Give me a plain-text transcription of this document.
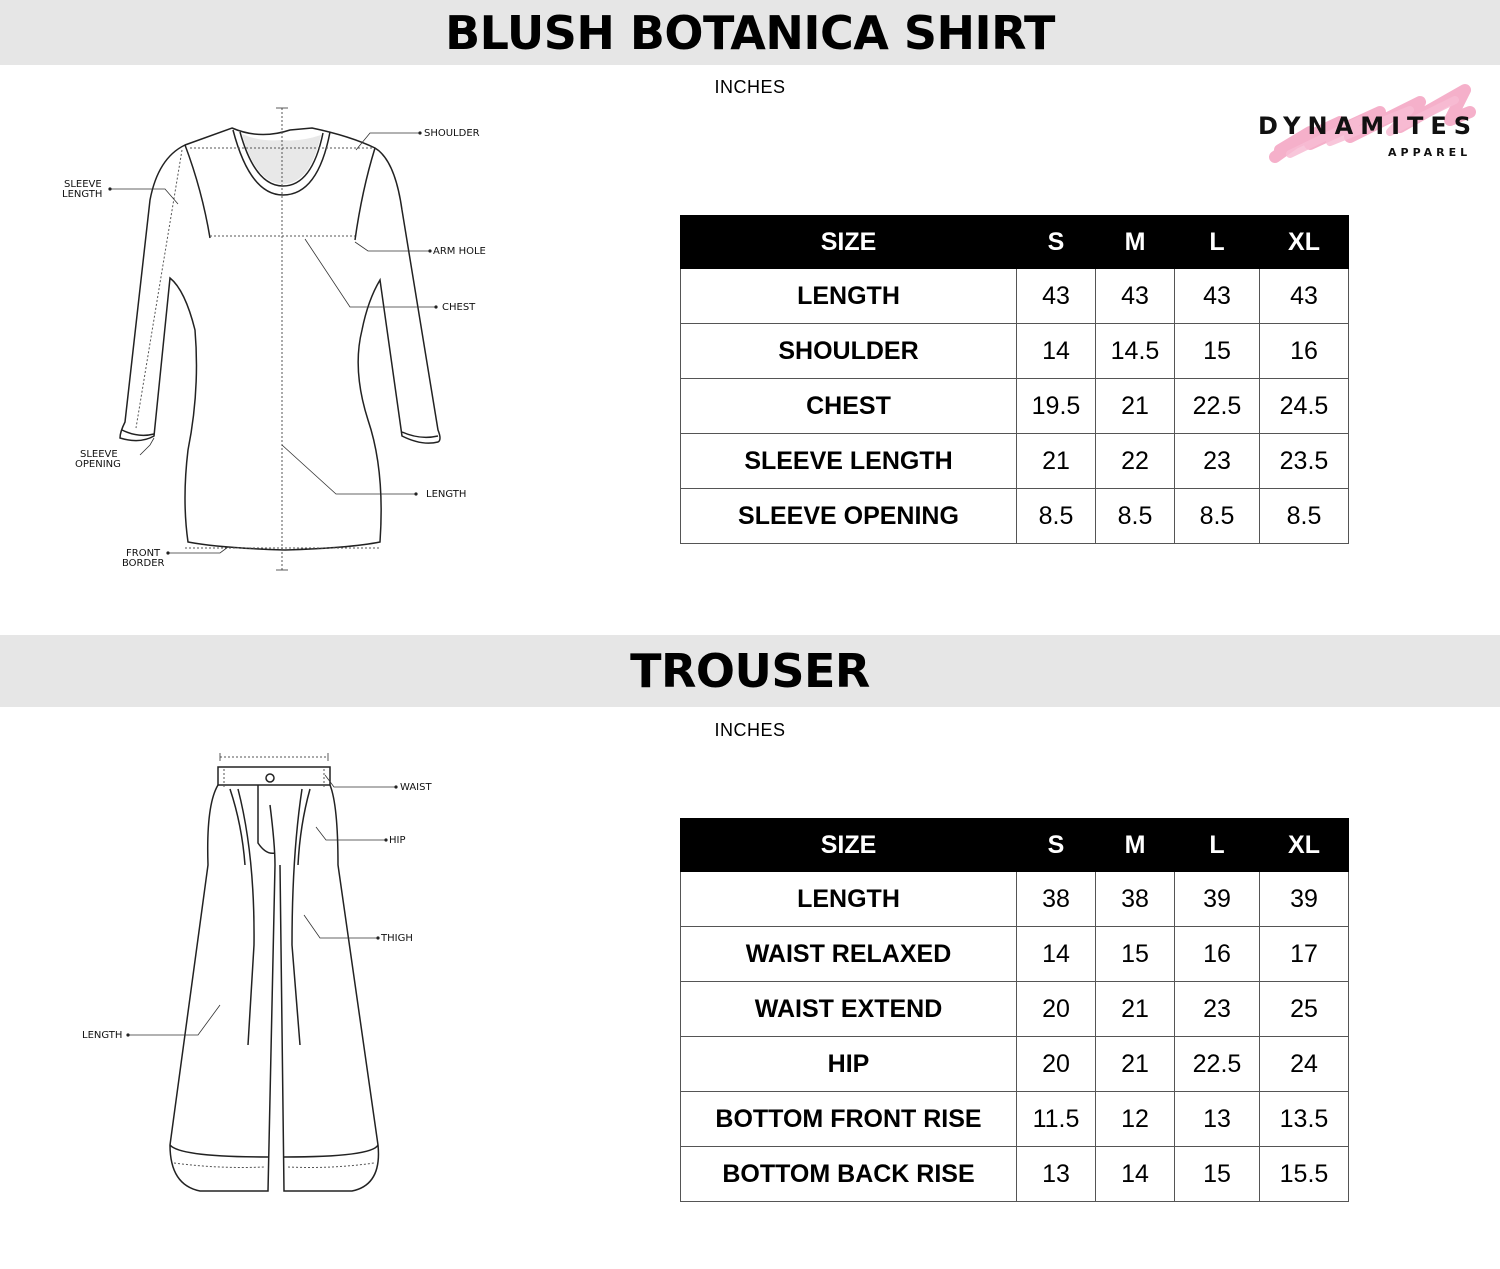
BLUSH BOTANICA SHIRT
INCHES
DYNAMITES
APPAREL
SHOULDER
SLEEVE
LENGTH
ARM HOLE
CHEST
SLEEVE
OPENING
LENGTH
FRONT
BORDER
SIZE	S	M	L	XL
LENGTH	43	43	43	43
SHOULDER	14	14.5	15	16
CHEST	19.5	21	22.5	24.5
SLEEVE LENGTH	21	22	23	23.5
SLEEVE OPENING	8.5	8.5	8.5	8.5
TROUSER
INCHES
WAIST
HIP
THIGH
LENGTH
SIZE	S	M	L	XL
LENGTH	38	38	39	39
WAIST RELAXED	14	15	16	17
WAIST EXTEND	20	21	23	25
HIP	20	21	22.5	24
BOTTOM FRONT RISE	11.5	12	13	13.5
BOTTOM BACK RISE	13	14	15	15.5
